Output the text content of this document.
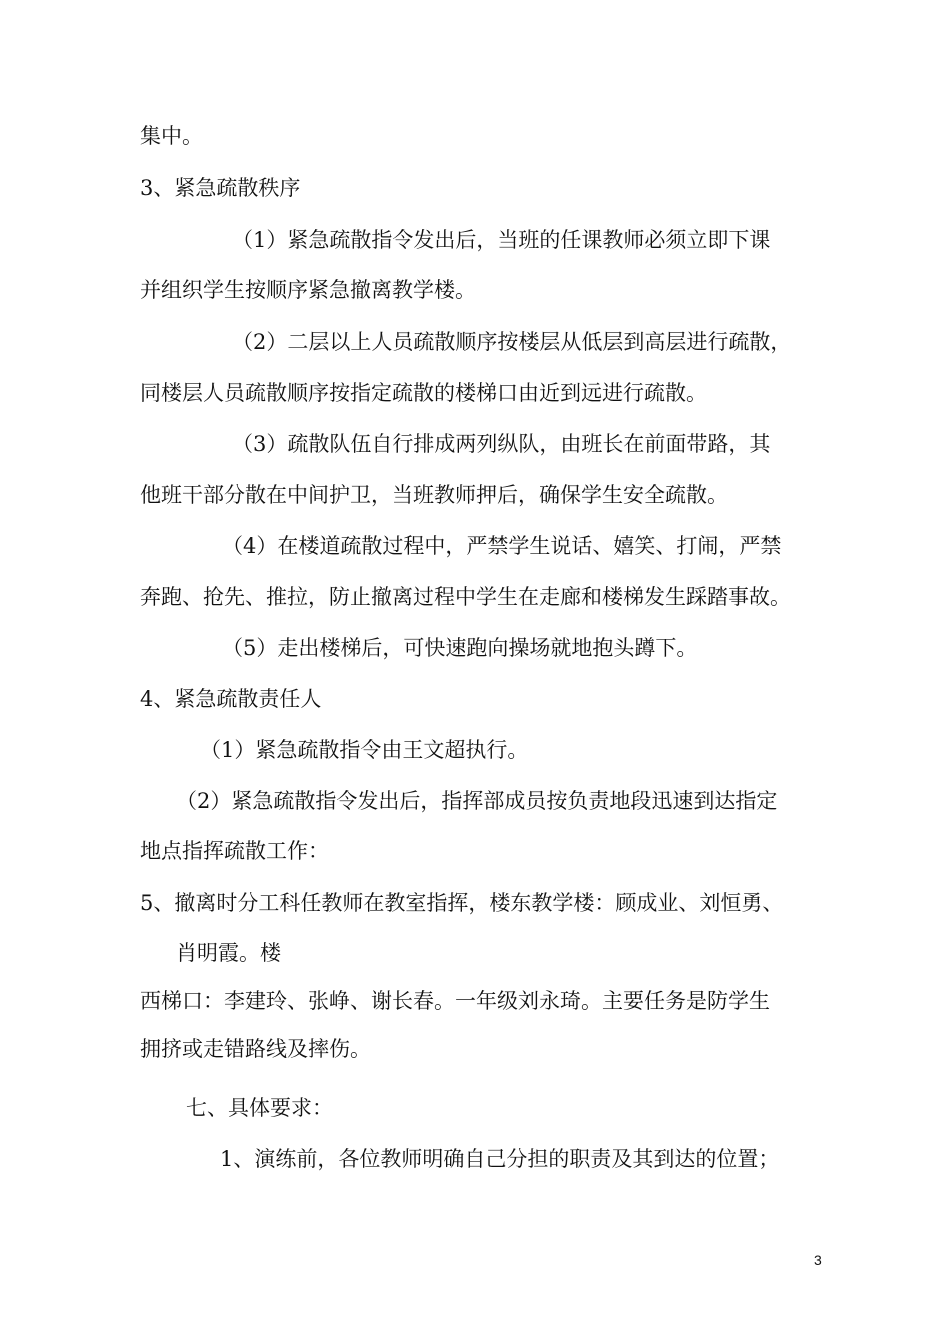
集中。
3、紧急疏散秩序
（1）紧急疏散指令发出后，当班的任课教师必须立即下课
并组织学生按顺序紧急撤离教学楼。
（2）二层以上人员疏散顺序按楼层从低层到高层进行疏散，
同楼层人员疏散顺序按指定疏散的楼梯口由近到远进行疏散。
（3）疏散队伍自行排成两列纵队，由班长在前面带路，其
他班干部分散在中间护卫，当班教师押后，确保学生安全疏散。
（4）在楼道疏散过程中，严禁学生说话、嬉笑、打闹，严禁
奔跑、抢先、推拉，防止撤离过程中学生在走廊和楼梯发生踩踏事故。
（5）走出楼梯后，可快速跑向操场就地抱头蹲下。
4、紧急疏散责任人
（1）紧急疏散指令由王文超执行。
（2）紧急疏散指令发出后，指挥部成员按负责地段迅速到达指定
地点指挥疏散工作：
5、撤离时分工科任教师在教室指挥，楼东教学楼：顾成业、刘恒勇、
肖明霞。楼
西梯口：李建玲、张峥、谢长春。一年级刘永琦。主要任务是防学生
拥挤或走错路线及摔伤。
七、具体要求：
1、演练前，各位教师明确自己分担的职责及其到达的位置；
3
